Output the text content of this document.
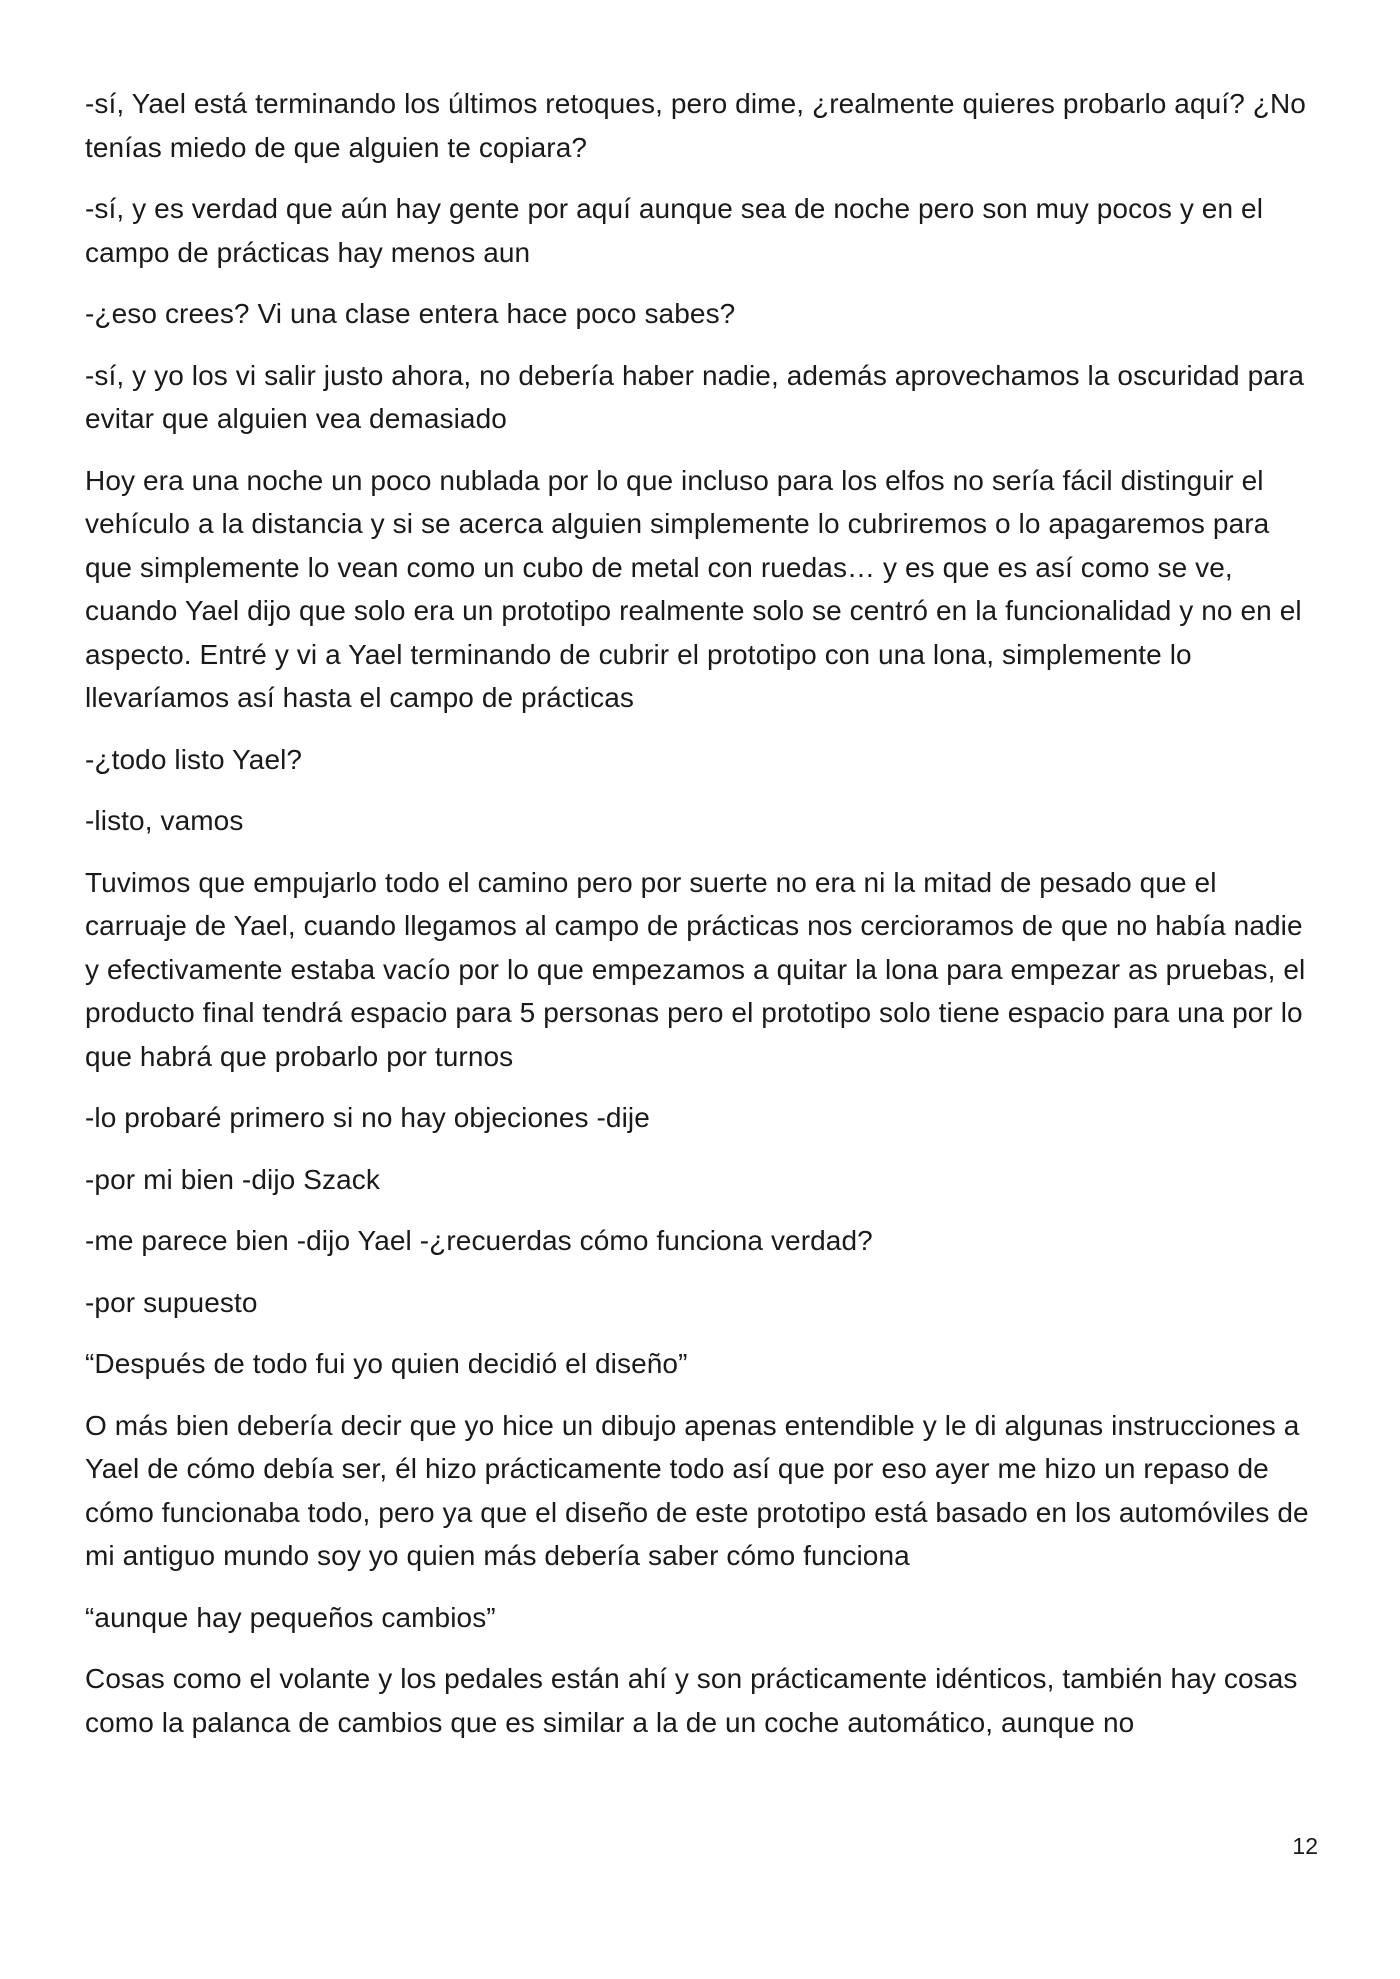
-sí, Yael está terminando los últimos retoques, pero dime, ¿realmente quieres probarlo aquí? ¿No tenías miedo de que alguien te copiara?

-sí, y es verdad que aún hay gente por aquí aunque sea de noche pero son muy pocos y en el campo de prácticas hay menos aun

-¿eso crees? Vi una clase entera hace poco sabes?

-sí, y yo los vi salir justo ahora, no debería haber nadie, además aprovechamos la oscuridad para evitar que alguien vea demasiado

Hoy era una noche un poco nublada por lo que incluso para los elfos no sería fácil distinguir el vehículo a la distancia y si se acerca alguien simplemente lo cubriremos o lo apagaremos para que simplemente lo vean como un cubo de metal con ruedas… y es que es así como se ve, cuando Yael dijo que solo era un prototipo realmente solo se centró en la funcionalidad y no en el aspecto. Entré y vi a Yael terminando de cubrir el prototipo con una lona, simplemente lo llevaríamos así hasta el campo de prácticas

-¿todo listo Yael?

-listo, vamos

Tuvimos que empujarlo todo el camino pero por suerte no era ni la mitad de pesado que el carruaje de Yael, cuando llegamos al campo de prácticas nos cercioramos de que no había nadie y efectivamente estaba vacío por lo que empezamos a quitar la lona para empezar as pruebas, el producto final tendrá espacio para 5 personas pero el prototipo solo tiene espacio para una por lo que habrá que probarlo por turnos

-lo probaré primero si no hay objeciones -dije

-por mi bien -dijo Szack

-me parece bien -dijo Yael -¿recuerdas cómo funciona verdad?

-por supuesto

“Después de todo fui yo quien decidió el diseño”

O más bien debería decir que yo hice un dibujo apenas entendible y le di algunas instrucciones a Yael de cómo debía ser, él hizo prácticamente todo así que por eso ayer me hizo un repaso de cómo funcionaba todo, pero ya que el diseño de este prototipo está basado en los automóviles de mi antiguo mundo soy yo quien más debería saber cómo funciona

“aunque hay pequeños cambios”

Cosas como el volante y los pedales están ahí y son prácticamente idénticos, también hay cosas como la palanca de cambios que es similar a la de un coche automático, aunque no

12
